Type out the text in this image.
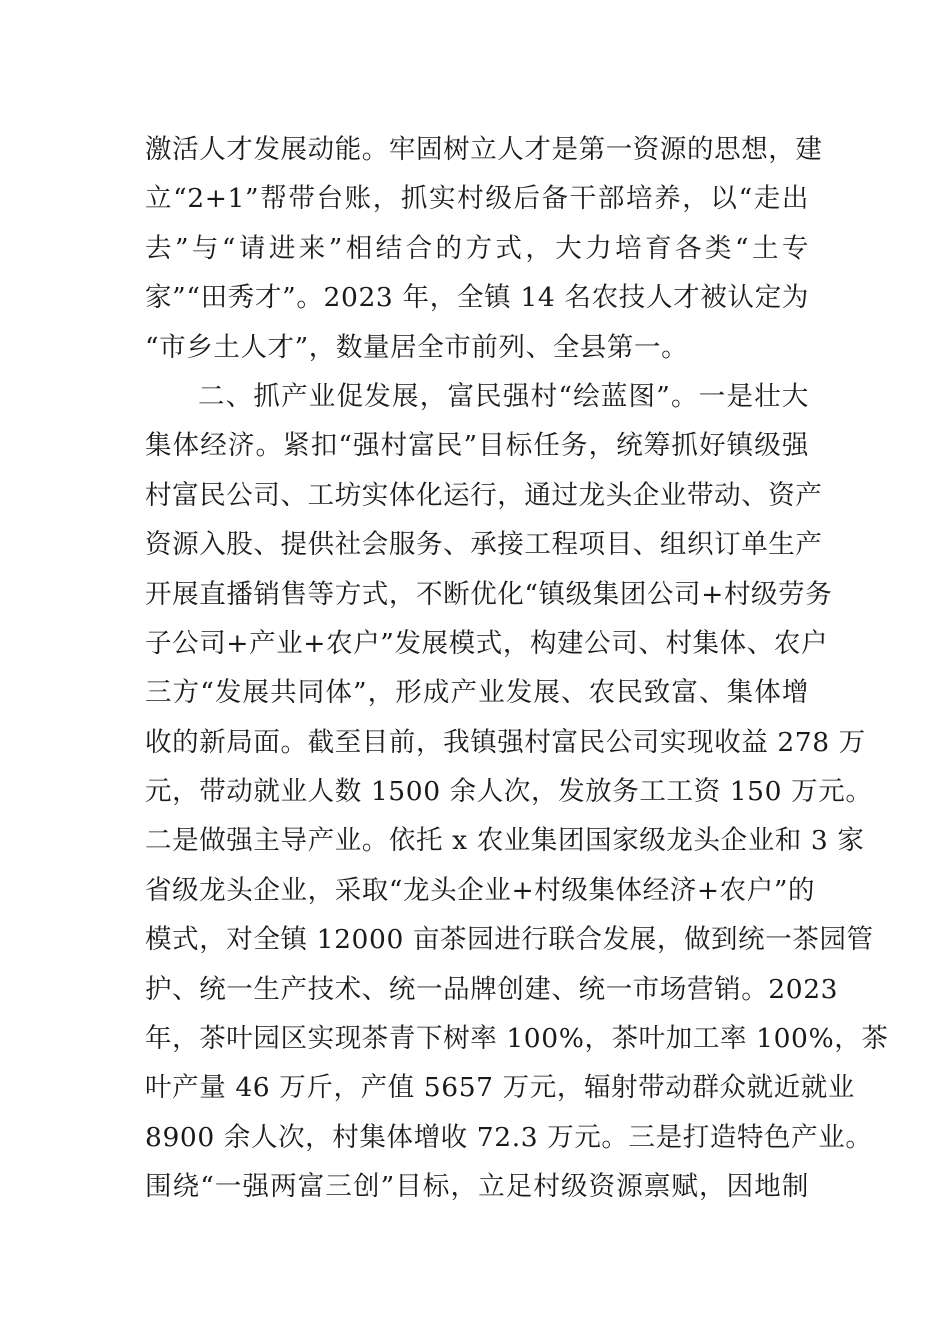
激活人才发展动能。牢固树立人才是第一资源的思想，建
立“2+1”帮带台账，抓实村级后备干部培养，以“走出
去”与“请进来”相结合的方式，大力培育各类“土专
家”“田秀才”。2023 年，全镇 14 名农技人才被认定为
“市乡土人才”，数量居全市前列、全县第一。
二、抓产业促发展，富民强村“绘蓝图”。一是壮大
集体经济。紧扣“强村富民”目标任务，统筹抓好镇级强
村富民公司、工坊实体化运行，通过龙头企业带动、资产
资源入股、提供社会服务、承接工程项目、组织订单生产
开展直播销售等方式，不断优化“镇级集团公司+村级劳务
子公司+产业+农户”发展模式，构建公司、村集体、农户
三方“发展共同体”，形成产业发展、农民致富、集体增
收的新局面。截至目前，我镇强村富民公司实现收益 278 万
元，带动就业人数 1500 余人次，发放务工工资 150 万元。
二是做强主导产业。依托 x 农业集团国家级龙头企业和 3 家
省级龙头企业，采取“龙头企业+村级集体经济+农户”的
模式，对全镇 12000 亩茶园进行联合发展，做到统一茶园管
护、统一生产技术、统一品牌创建、统一市场营销。2023
年，茶叶园区实现茶青下树率 100%，茶叶加工率 100%，茶
叶产量 46 万斤，产值 5657 万元，辐射带动群众就近就业
8900 余人次，村集体增收 72.3 万元。三是打造特色产业。
围绕“一强两富三创”目标，立足村级资源禀赋，因地制
